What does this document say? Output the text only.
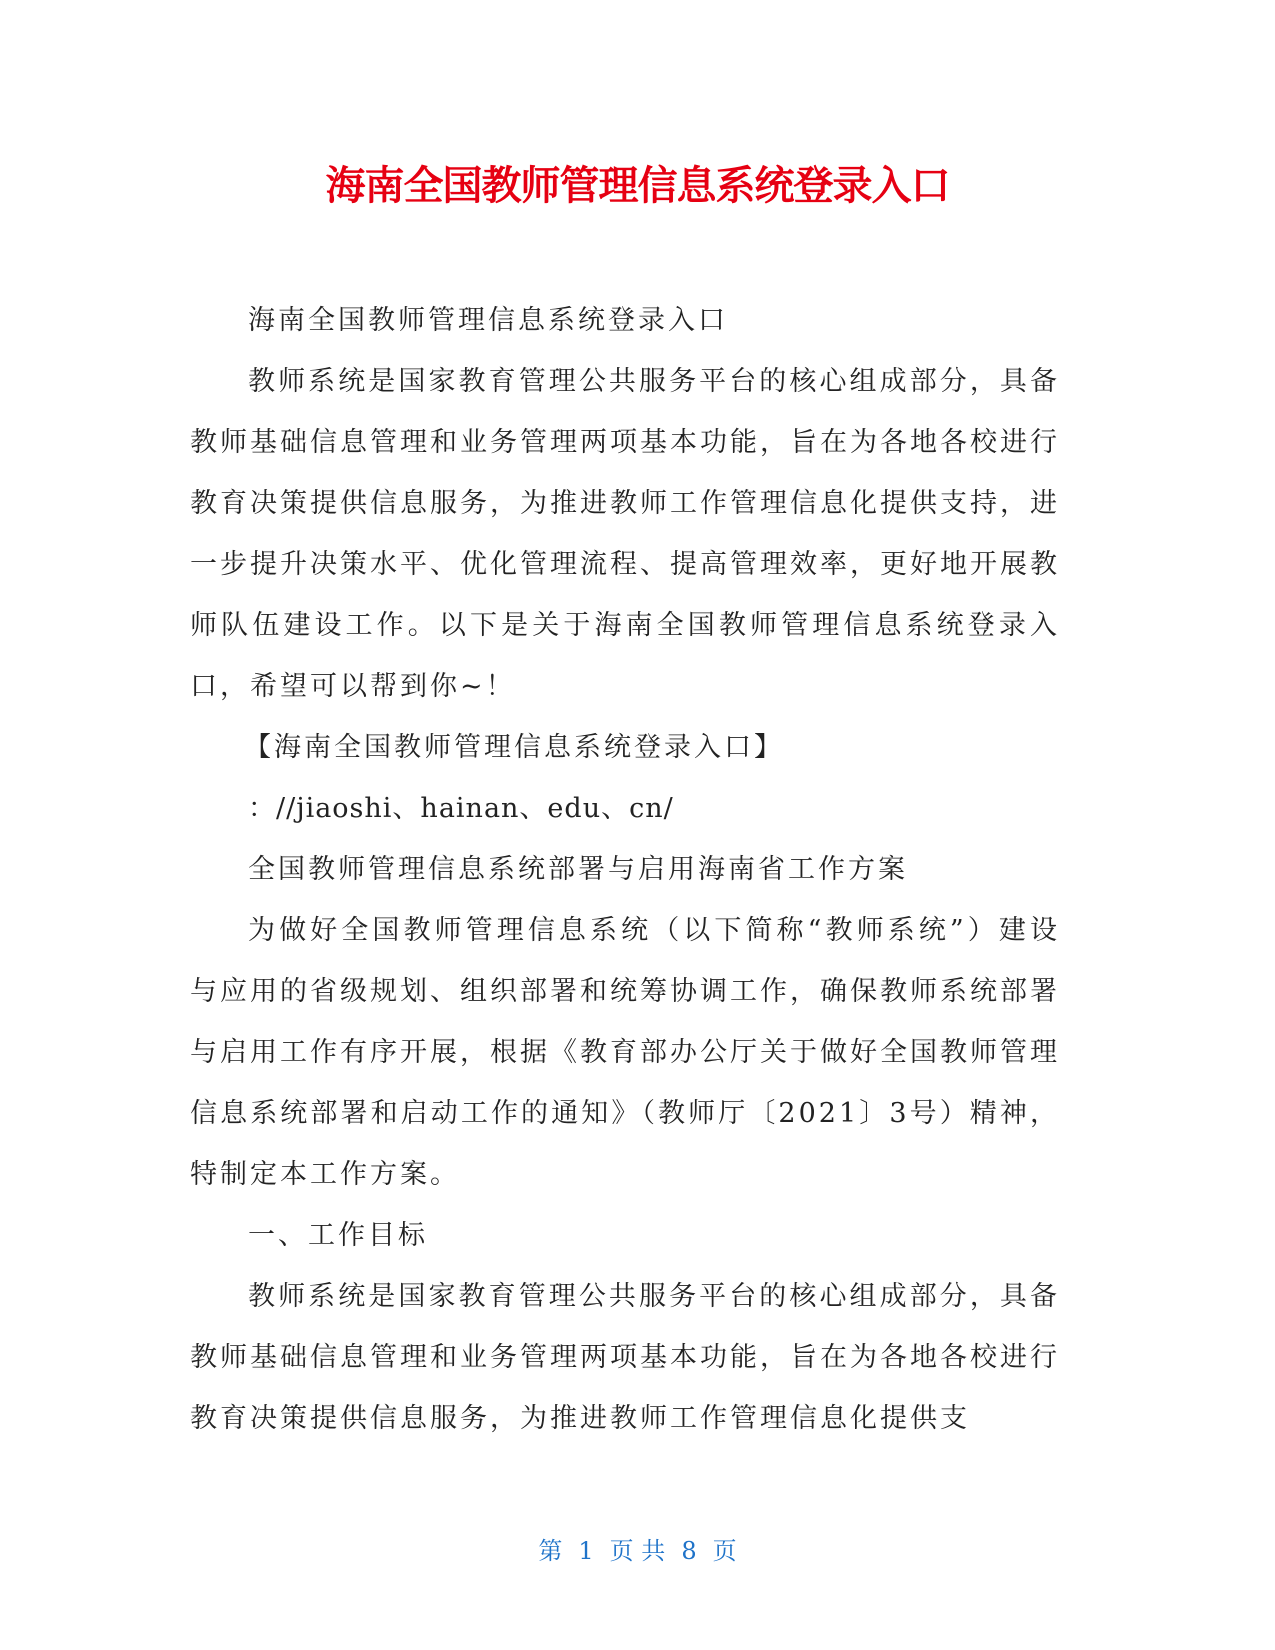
海南全国教师管理信息系统登录入口

海南全国教师管理信息系统登录入口

教师系统是国家教育管理公共服务平台的核心组成部分，具备教师基础信息管理和业务管理两项基本功能，旨在为各地各校进行教育决策提供信息服务，为推进教师工作管理信息化提供支持，进一步提升决策水平、优化管理流程、提高管理效率，更好地开展教师队伍建设工作。以下是关于海南全国教师管理信息系统登录入口，希望可以帮到你~！

【海南全国教师管理信息系统登录入口】

：//jiaoshi、hainan、edu、cn/

全国教师管理信息系统部署与启用海南省工作方案

为做好全国教师管理信息系统（以下简称“教师系统”）建设与应用的省级规划、组织部署和统筹协调工作，确保教师系统部署与启用工作有序开展，根据《教育部办公厅关于做好全国教师管理信息系统部署和启动工作的通知》（教师厅〔2021〕3号）精神，特制定本工作方案。

一、工作目标

教师系统是国家教育管理公共服务平台的核心组成部分，具备教师基础信息管理和业务管理两项基本功能，旨在为各地各校进行教育决策提供信息服务，为推进教师工作管理信息化提供支

第 1 页 共 8 页
